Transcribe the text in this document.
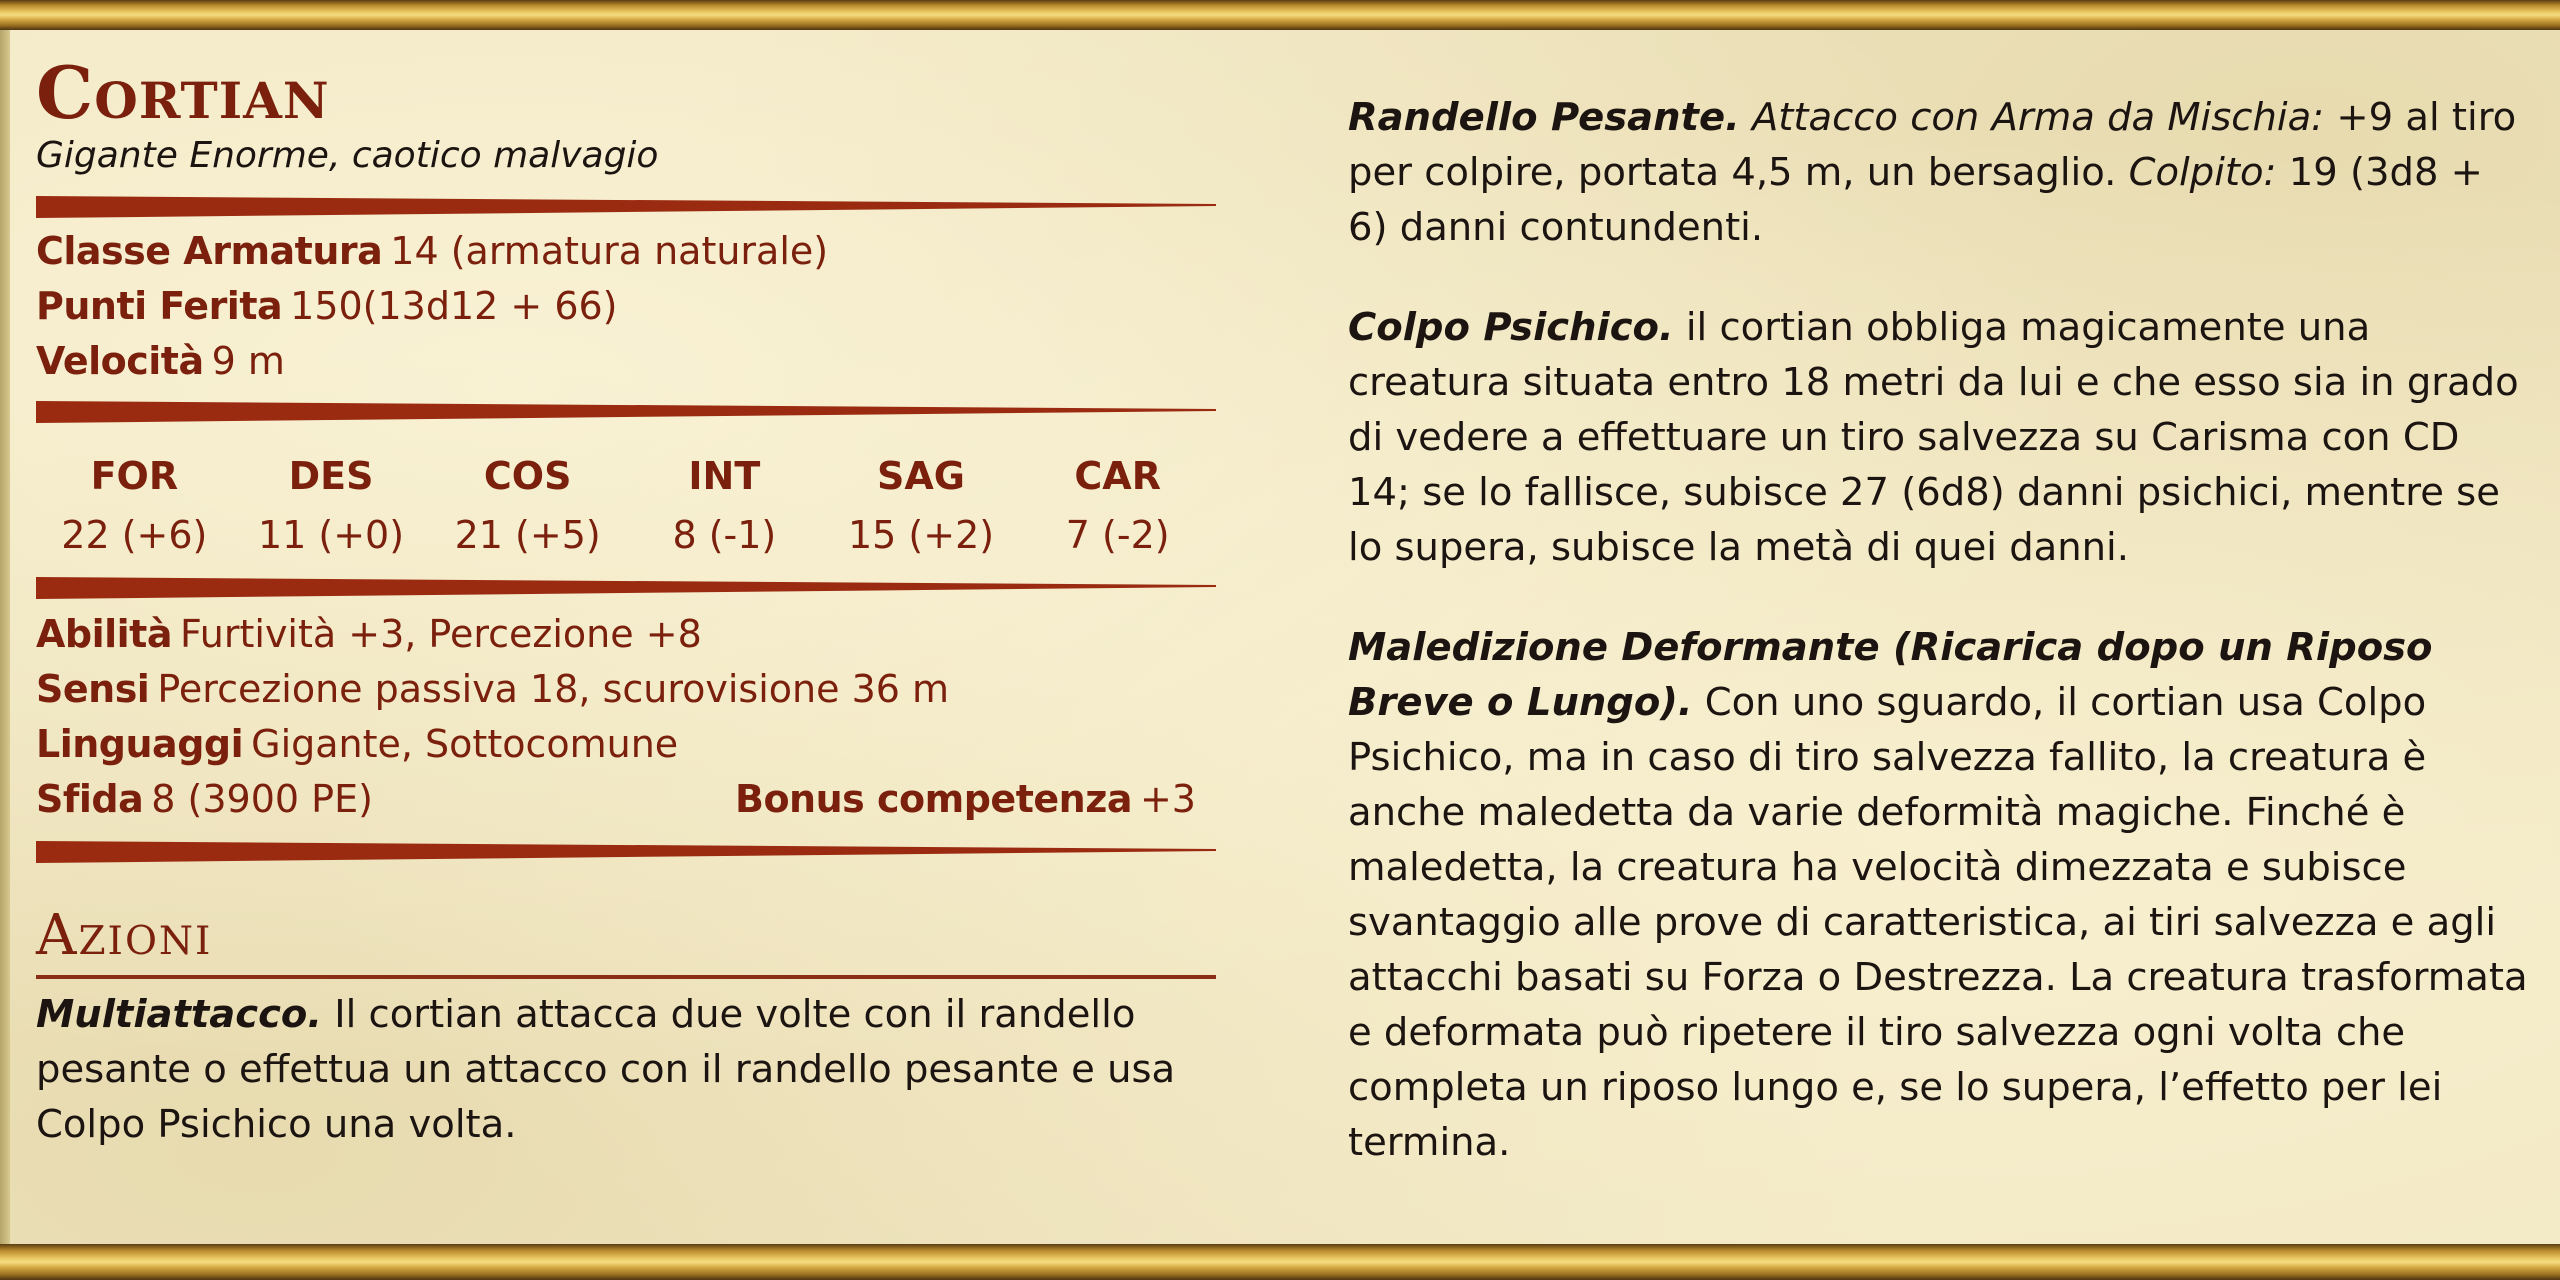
Cortian
Gigante Enorme, caotico malvagio
Classe Armatura 14 (armatura naturale)
Punti Ferita 150(13d12 + 66)
Velocità 9 m
FOR
22 (+6)
DES
11 (+0)
COS
21 (+5)
INT
8 (-1)
SAG
15 (+2)
CAR
7 (-2)
Abilità Furtività +3, Percezione +8
Sensi Percezione passiva 18, scurovisione 36 m
Linguaggi Gigante, Sottocomune
Sfida 8 (3900 PE)	Bonus competenza +3
Azioni

Multiattacco. Il cortian attacca due volte con il randello pesante o effettua un attacco con il randello pesante e usa Colpo Psichico una volta.

Randello Pesante. Attacco con Arma da Mischia: +9 al tiro per colpire, portata 4,5 m, un bersaglio. Colpito: 19 (3d8 + 6) danni contundenti.

Colpo Psichico. il cortian obbliga magicamente una creatura situata entro 18 metri da lui e che esso sia in grado di vedere a effettuare un tiro salvezza su Carisma con CD 14; se lo fallisce, subisce 27 (6d8) danni psichici, mentre se lo supera, subisce la metà di quei danni.

Maledizione Deformante (Ricarica dopo un Riposo Breve o Lungo). Con uno sguardo, il cortian usa Colpo Psichico, ma in caso di tiro salvezza fallito, la creatura è anche maledetta da varie deformità magiche. Finché è maledetta, la creatura ha velocità dimezzata e subisce svantaggio alle prove di caratteristica, ai tiri salvezza e agli attacchi basati su Forza o Destrezza. La creatura trasformata e deformata può ripetere il tiro salvezza ogni volta che completa un riposo lungo e, se lo supera, l’effetto per lei termina.
